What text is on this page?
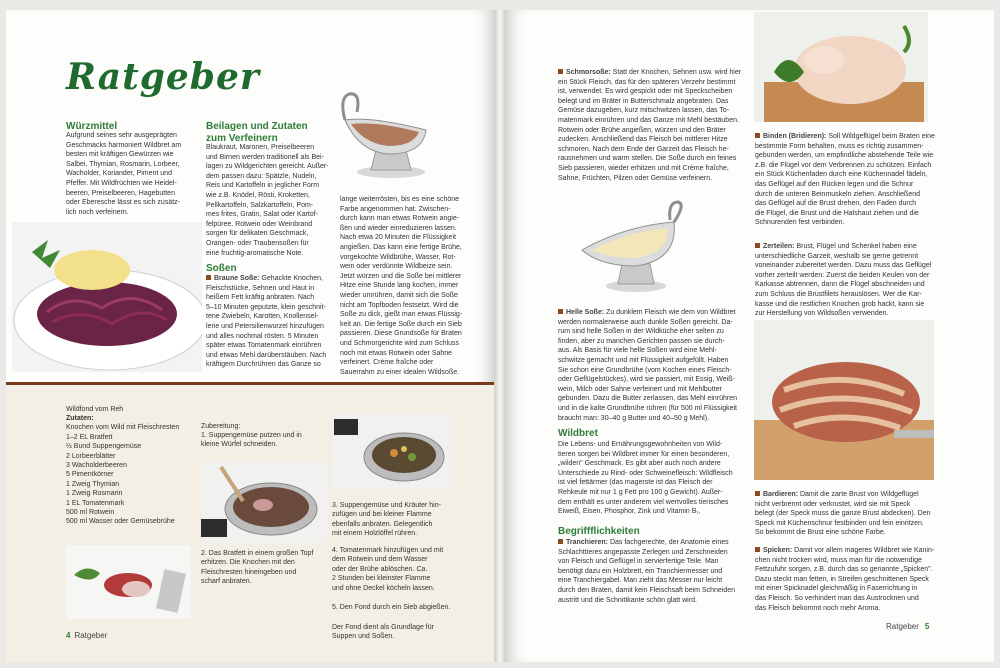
Ratgeber
Würzmittel
Aufgrund seines sehr ausgeprägten
Geschmacks harmoniert Wildbret am
besten mit kräftigen Gewürzen wie
Salbei, Thymian, Rosmarin, Lorbeer,
Wacholder, Koriander, Piment und
Pfeffer. Mit Wildfrüchten wie Heidel-
beeren, Preiselbeeren, Hagebutten
oder Eberesche lässt es sich zusätz-
lich noch verfeinern.
Beilagen und Zutaten
zum Verfeinern
Blaukraut, Maronen, Preiselbeeren
und Birnen werden traditionell als Bei-
lagen zu Wildgerichten gereicht. Außer-
dem passen dazu: Spätzle, Nudeln,
Reis und Kartoffeln in jeglicher Form
wie z.B. Knödel, Rösti, Kroketten,
Pellkartoffeln, Salzkartoffeln, Pom-
mes frites, Gratin, Salat oder Kartof-
felpüree. Rotwein oder Weinbrand
sorgen für delikaten Geschmack,
Orangen- oder Traubensoßen für
eine fruchtig-aromatische Note.
Soßen
Braune Soße: Gehackte Knochen,
Fleischstücke, Sehnen und Haut in
heißem Fett kräftig anbraten. Nach
5–10 Minuten geputzte, klein geschnit-
tene Zwiebeln, Karotten, Knollensel-
lerie und Petersilienwurzel hinzufügen
und alles nochmal rösten. 5 Minuten
später etwas Tomatenmark einrühren
und etwas Mehl darüberstäuben. Nach
kräftigem Durchrühren das Ganze so
lange weiterrösten, bis es eine schöne
Farbe angenommen hat. Zwischen-
durch kann man etwas Rotwein angie-
ßen und wieder einreduzieren lassen.
Nach etwa 20 Minuten die Flüssigkeit
angießen. Das kann eine fertige Brühe,
vorgekochte Wildbrühe, Wasser, Rot-
wein oder verdünnte Wildbeize sein.
Jetzt würzen und die Soße bei mittlerer
Hitze eine Stunde lang kochen, immer
wieder umrühren, damit sich die Soße
nicht am Topfboden festsetzt. Wird die
Soße zu dick, gießt man etwas Flüssig-
keit an. Die fertige Soße durch ein Sieb
passieren. Diese Grundsoße für Braten
und Schmorgerichte wird zum Schluss
noch mit etwas Rotwein oder Sahne
verfeinert. Crème fraîche oder
Sauerrahm zu einer idealen Wildsoße.
Wildfond vom Reh
Zutaten:
Knochen vom Wild mit Fleischresten
1–2 EL Bratfett
½ Bund Suppengemüse
2 Lorbeerblätter
3 Wacholderbeeren
5 Pimentkörner
1 Zweig Thymian
1 Zweig Rosmarin
1 EL Tomatenmark
500 ml Rotwein
500 ml Wasser oder Gemüsebrühe
Zubereitung:
1. Suppengemüse putzen und in
kleine Würfel schneiden.
2. Das Bratfett in einem großen Topf
erhitzen. Die Knochen mit den
Fleischresten hineingeben und
scharf anbraten.
3. Suppengemüse und Kräuter hin-
zufügen und bei kleiner Flamme
ebenfalls anbraten. Gelegentlich
mit einem Holzlöffel rühren.
4. Tomatenmark hinzufügen und mit
dem Rotwein und dem Wasser
oder der Brühe ablöschen. Ca.
2 Stunden bei kleinster Flamme
und ohne Deckel köcheln lassen.
5. Den Fond durch ein Sieb abgießen.
Der Fond dient als Grundlage für
Suppen und Soßen.
4 Ratgeber
Schmorsoße: Statt der Knochen, Sehnen usw. wird hier
ein Stück Fleisch, das für den späteren Verzehr bestimmt
ist, verwendet. Es wird gespickt oder mit Speckscheiben
belegt und im Bräter in Butterschmalz angebraten. Das
Gemüse dazugeben, kurz mitschwitzen lassen, das To-
matenmark einrühren und das Ganze mit Mehl bestäuben.
Rotwein oder Brühe angießen, würzen und den Bräter
zudecken. Anschließend das Fleisch bei mittlerer Hitze
schmoren. Nach dem Ende der Garzeit das Fleisch he-
rausnehmen und warm stellen. Die Soße durch ein feines
Sieb passieren, wieder erhitzen und mit Crème fraîche,
Sahne, Früchten, Pilzen oder Gemüse verfeinern.
Helle Soße: Zu dunklem Fleisch wie dem von Wildbret
werden normalerweise auch dunkle Soßen gereicht. Da-
rum sind helle Soßen in der Wildküche eher selten zu
finden, aber zu manchen Gerichten passen sie durch-
aus. Als Basis für viele helle Soßen wird eine Mehl-
schwitze gemacht und mit Flüssigkeit aufgefüllt. Haben
Sie schon eine Grundbrühe (vom Kochen eines Fleisch-
oder Geflügelstückes), wird sie passiert, mit Essig, Weiß-
wein, Milch oder Sahne verfeinert und mit Mehlbutter
gebunden. Dazu die Butter zerlassen, das Mehl einrühren
und in die kalte Grundbrühe rühren (für 500 ml Flüssigkeit
braucht man: 30–40 g Butter und 40–50 g Mehl).
Wildbret
Die Lebens- und Ernährungsgewohnheiten von Wild-
tieren sorgen bei Wildbret immer für einen besonderen,
„wilden" Geschmack. Es gibt aber auch noch andere
Unterschiede zu Rind- oder Schweinefleisch: Wildfleisch
ist viel fettärmer (das magerste ist das Fleisch der
Rehkeule mit nur 1 g Fett pro 100 g Gewicht). Außer-
dem enthält es unter anderem viel wertvolles tierisches
Eiweiß, Eisen, Phosphor, Zink und Vitamin B₁.
Begriffflichkeiten
Tranchieren: Das fachgerechte, der Anatomie eines
Schlachttieres angepasste Zerlegen und Zerschneiden
von Fleisch und Geflügel in servierfertige Teile. Man
benötigt dazu ein Holzbrett, ein Tranchiermesser und
eine Tranchiergabel. Man zieht das Messer nur leicht
durch den Braten, damit kein Fleischsaft beim Schneiden
austritt und die Schnittkante schön glatt wird.
Binden (Bridieren): Soll Wildgeflügel beim Braten eine
bestimmte Form behalten, muss es richtig zusammen-
gebunden werden, um empfindliche abstehende Teile wie
z.B. die Flügel vor dem Verbrennen zu schützen. Einfach
ein Stück Küchenfaden durch eine Küchennadel fädeln,
das Geflügel auf den Rücken legen und die Schnur
durch die unteren Beinmuskeln ziehen. Anschließend
das Geflügel auf die Brust drehen, den Faden durch
die Flügel, die Brust und die Halshaut ziehen und die
Schnurenden fest verbinden.
Zerteilen: Brust, Flügel und Schenkel haben eine
unterschiedliche Garzeit, weshalb sie gerne getrennt
voneinander zubereitet werden. Dazu muss das Geflügel
vorher zerteilt werden: Zuerst die beiden Keulen von der
Karkasse abtrennen, dann die Flügel abschneiden und
zum Schluss die Brustfilets herauslösen. Wer die Kar-
kasse und die restlichen Knochen grob hackt, kann sie
zur Herstellung von Wildsoßen verwenden.
Bardieren: Damit die zarte Brust von Wildgeflügel
nicht verbrennt oder verkrustet, wird sie mit Speck
belegt (der Speck muss die ganze Brust abdecken). Den
Speck mit Küchenschnur festbinden und fein einritzen.
So bekommt die Brust eine schöne Farbe.
Spicken: Damit vor allem mageres Wildbret wie Kanin-
chen nicht trocken wird, muss man für die notwendige
Fettzufuhr sorgen, z.B. durch das so genannte „Spicken".
Dazu steckt man fetten, in Streifen geschnittenen Speck
mit einer Spicknadel gleichmäßig in Faserrichtung in
das Fleisch. So verhindert man das Austrocknen und
das Fleisch bekommt noch mehr Aroma.
Ratgeber 5
